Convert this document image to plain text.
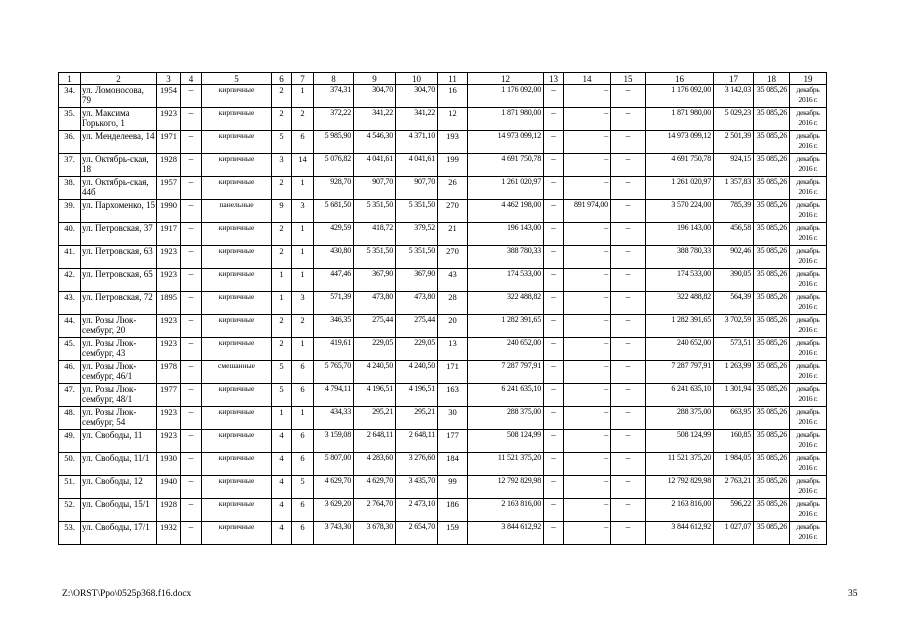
1	2	3	4	5	6	7	8	9	10	11	12	13	14	15	16	17	18	19
34.	ул. Ломоносова, 79	1954	–	кирпичные	2	1	374,31	304,70	304,70	16	1 176 092,00	–	–	–	1 176 092,00	3 142,03	35 085,26	декабрь 2016 г.
35.	ул. Максима Горького, 1	1923	–	кирпичные	2	2	372,22	341,22	341,22	12	1 871 980,00	–	–	–	1 871 980,00	5 029,23	35 085,26	декабрь 2016 г.
36.	ул. Менделеева, 14	1971	–	кирпичные	5	6	5 985,90	4 546,30	4 371,10	193	14 973 099,12	–	–	–	14 973 099,12	2 501,39	35 085,26	декабрь 2016 г.
37.	ул. Октябрь-ская, 18	1928	–	кирпичные	3	14	5 076,82	4 041,61	4 041,61	199	4 691 750,78	–	–	–	4 691 750,78	924,15	35 085,26	декабрь 2016 г.
38.	ул. Октябрь-ская, 44б	1957	–	кирпичные	2	1	928,70	907,70	907,70	26	1 261 020,97	–	–	–	1 261 020,97	1 357,83	35 085,26	декабрь 2016 г.
39.	ул. Пархоменко, 15	1990	–	панельные	9	3	5 681,50	5 351,50	5 351,50	270	4 462 198,00	–	891 974,00	–	3 570 224,00	785,39	35 085,26	декабрь 2016 г.
40.	ул. Петровская, 37	1917	–	кирпичные	2	1	429,59	418,72	379,52	21	196 143,00	–	–	–	196 143,00	456,58	35 085,26	декабрь 2016 г.
41.	ул. Петровская, 63	1923	–	кирпичные	2	1	430,80	5 351,50	5 351,50	270	388 780,33	–	–	–	388 780,33	902,46	35 085,26	декабрь 2016 г.
42.	ул. Петровская, 65	1923	–	кирпичные	1	1	447,46	367,90	367,90	43	174 533,00	–	–	–	174 533,00	390,05	35 085,26	декабрь 2016 г.
43.	ул. Петровская, 72	1895	–	кирпичные	1	3	571,39	473,80	473,80	28	322 488,82	–	–	–	322 488,82	564,39	35 085,26	декабрь 2016 г.
44.	ул. Розы Люк-сембург, 20	1923	–	кирпичные	2	2	346,35	275,44	275,44	20	1 282 391,65	–	–	–	1 282 391,65	3 702,59	35 085,26	декабрь 2016 г.
45.	ул. Розы Люк-сембург, 43	1923	–	кирпичные	2	1	419,61	229,05	229,05	13	240 652,00	–	–	–	240 652,00	573,51	35 085,26	декабрь 2016 г.
46.	ул. Розы Люк-сембург, 46/1	1978	–	смешанные	5	6	5 765,70	4 240,50	4 240,50	171	7 287 797,91	–	–	–	7 287 797,91	1 263,99	35 085,26	декабрь 2016 г.
47.	ул. Розы Люк-сембург, 48/1	1977	–	кирпичные	5	6	4 794,11	4 196,51	4 196,51	163	6 241 635,10	–	–	–	6 241 635,10	1 301,94	35 085,26	декабрь 2016 г.
48.	ул. Розы Люк-сембург, 54	1923	–	кирпичные	1	1	434,33	295,21	295,21	30	288 375,00	–	–	–	288 375,00	663,95	35 085,26	декабрь 2016 г.
49.	ул. Свободы, 11	1923	–	кирпичные	4	6	3 159,08	2 648,11	2 648,11	177	508 124,99	–	–	–	508 124,99	160,85	35 085,26	декабрь 2016 г.
50.	ул. Свободы, 11/1	1930	–	кирпичные	4	6	5 807,00	4 283,60	3 276,60	184	11 521 375,20	–	–	–	11 521 375,20	1 984,05	35 085,26	декабрь 2016 г.
51.	ул. Свободы, 12	1940	–	кирпичные	4	5	4 629,70	4 629,70	3 435,70	99	12 792 829,98	–	–	–	12 792 829,98	2 763,21	35 085,26	декабрь 2016 г.
52.	ул. Свободы, 15/1	1928	–	кирпичные	4	6	3 629,20	2 764,70	2 473,10	186	2 163 816,00	–	–	–	2 163 816,00	596,22	35 085,26	декабрь 2016 г.
53.	ул. Свободы, 17/1	1932	–	кирпичные	4	6	3 743,30	3 678,30	2 654,70	159	3 844 612,92	–	–	–	3 844 612,92	1 027,07	35 085,26	декабрь 2016 г.
Z:\ORST\Ppo\0525p368.f16.docx	35
